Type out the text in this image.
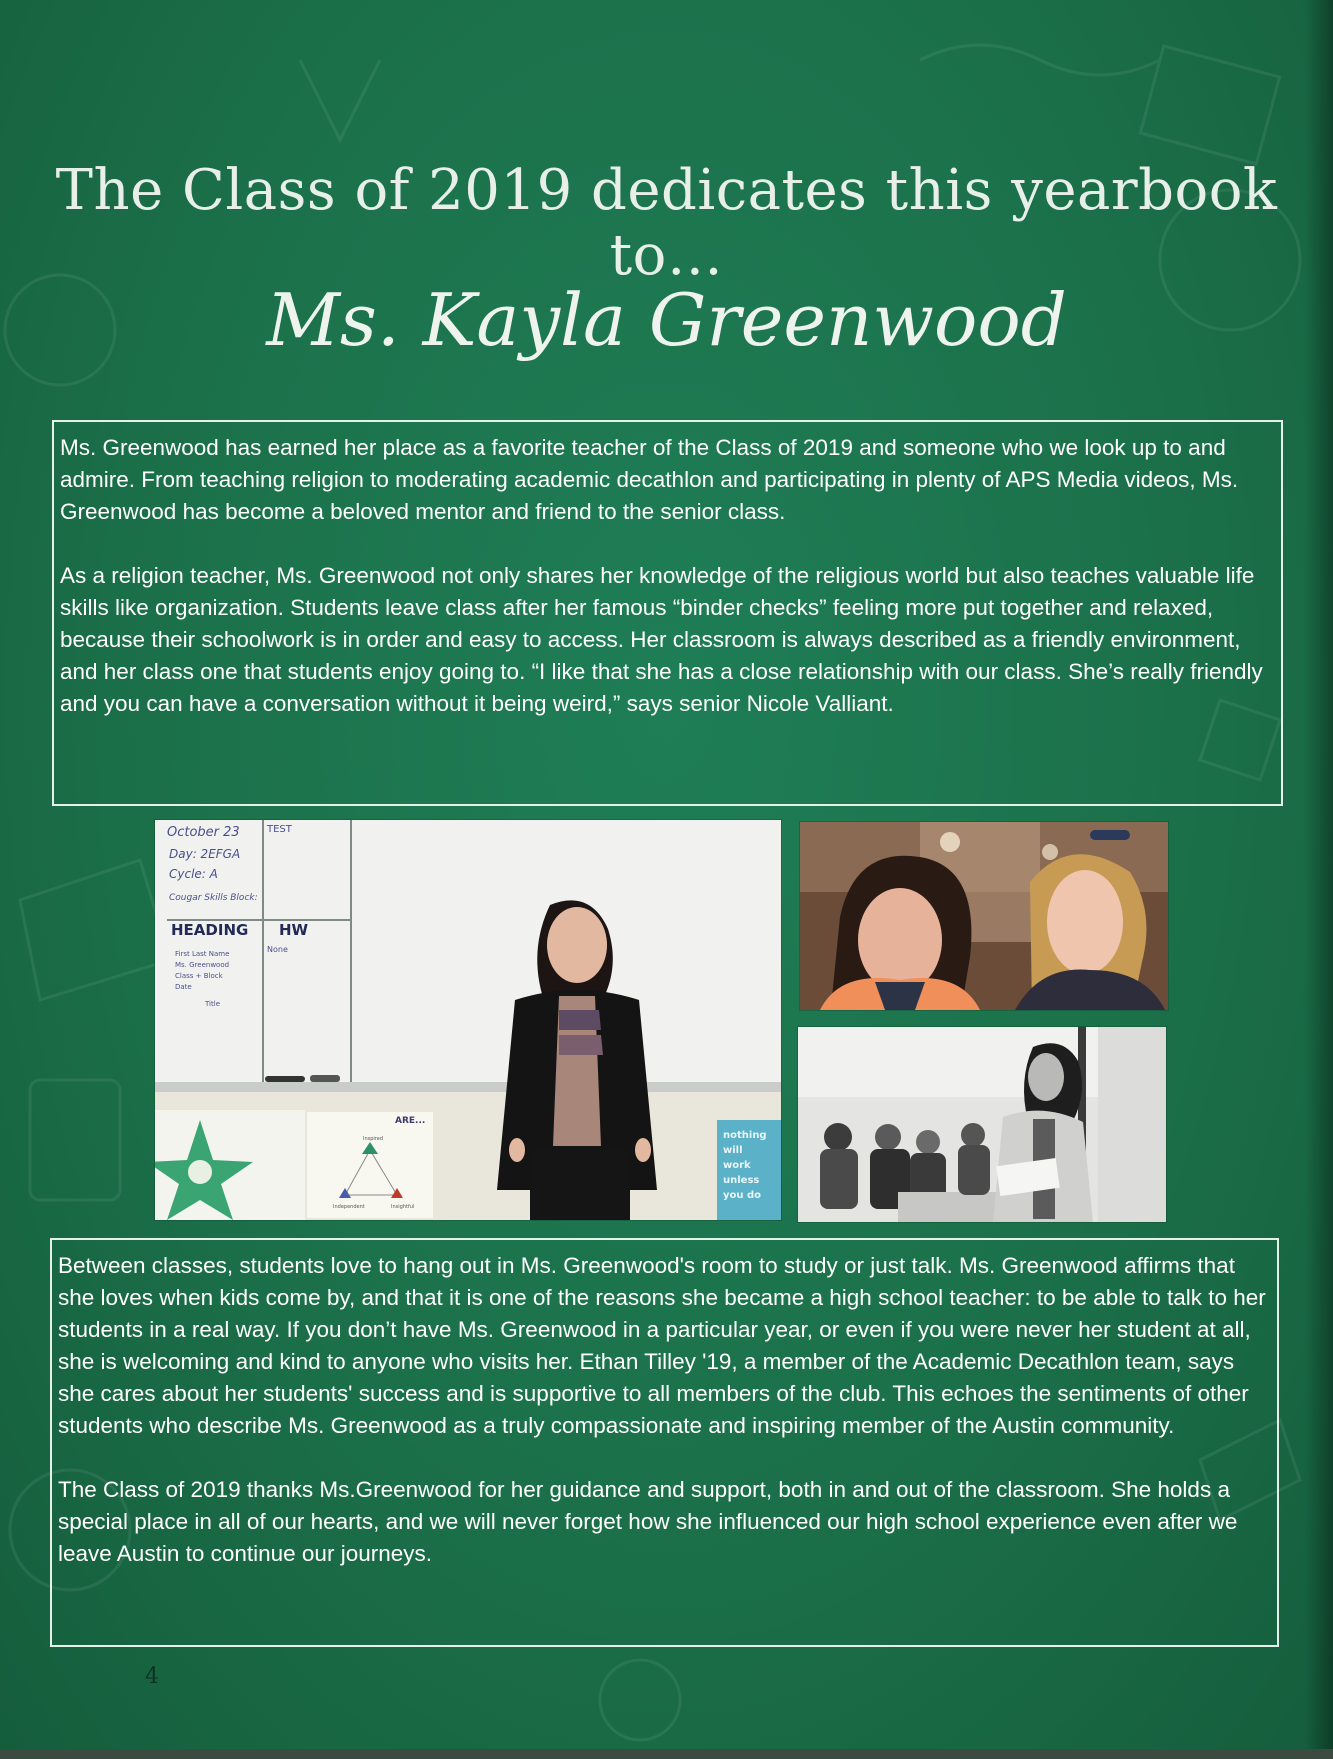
The Class of 2019 dedicates this yearbook to…
Ms. Kayla Greenwood

Ms. Greenwood has earned her place as a favorite teacher of the Class of 2019 and someone who we look up to and admire. From teaching religion to moderating academic decathlon and participating in plenty of APS Media videos, Ms. Greenwood has become a beloved mentor and friend to the senior class.

As a religion teacher, Ms. Greenwood not only shares her knowledge of the religious world but also teaches valuable life skills like organization. Students leave class after her famous “binder checks” feeling more put together and relaxed, because their schoolwork is in order and easy to access. Her classroom is always described as a friendly environment, and her class one that students enjoy going to. “I like that she has a close relationship with our class. She’s really friendly and you can have a conversation without it being weird,” says senior Nicole Valliant.

October 23
Day: 2EFGA
Cycle: A
Cougar Skills Block:
TEST
HEADING HW
None
First Last Name
Ms. Greenwood
Class + Block
Date
Title
ARE...
Inspired
Independent	Insightful
nothing
will
work
unless
you do

Between classes, students love to hang out in Ms. Greenwood's room to study or just talk. Ms. Greenwood affirms that she loves when kids come by, and that it is one of the reasons she became a high school teacher: to be able to talk to her students in a real way. If you don’t have Ms. Greenwood in a particular year, or even if you were never her student at all, she is welcoming and kind to anyone who visits her. Ethan Tilley '19, a member of the Academic Decathlon team, says she cares about her students' success and is supportive to all members of the club. This echoes the sentiments of other students who describe Ms. Greenwood as a truly compassionate and inspiring member of the Austin community.

The Class of 2019 thanks Ms.Greenwood for her guidance and support, both in and out of the classroom. She holds a special place in all of our hearts, and we will never forget how she influenced our high school experience even after we leave Austin to continue our journeys.

4
